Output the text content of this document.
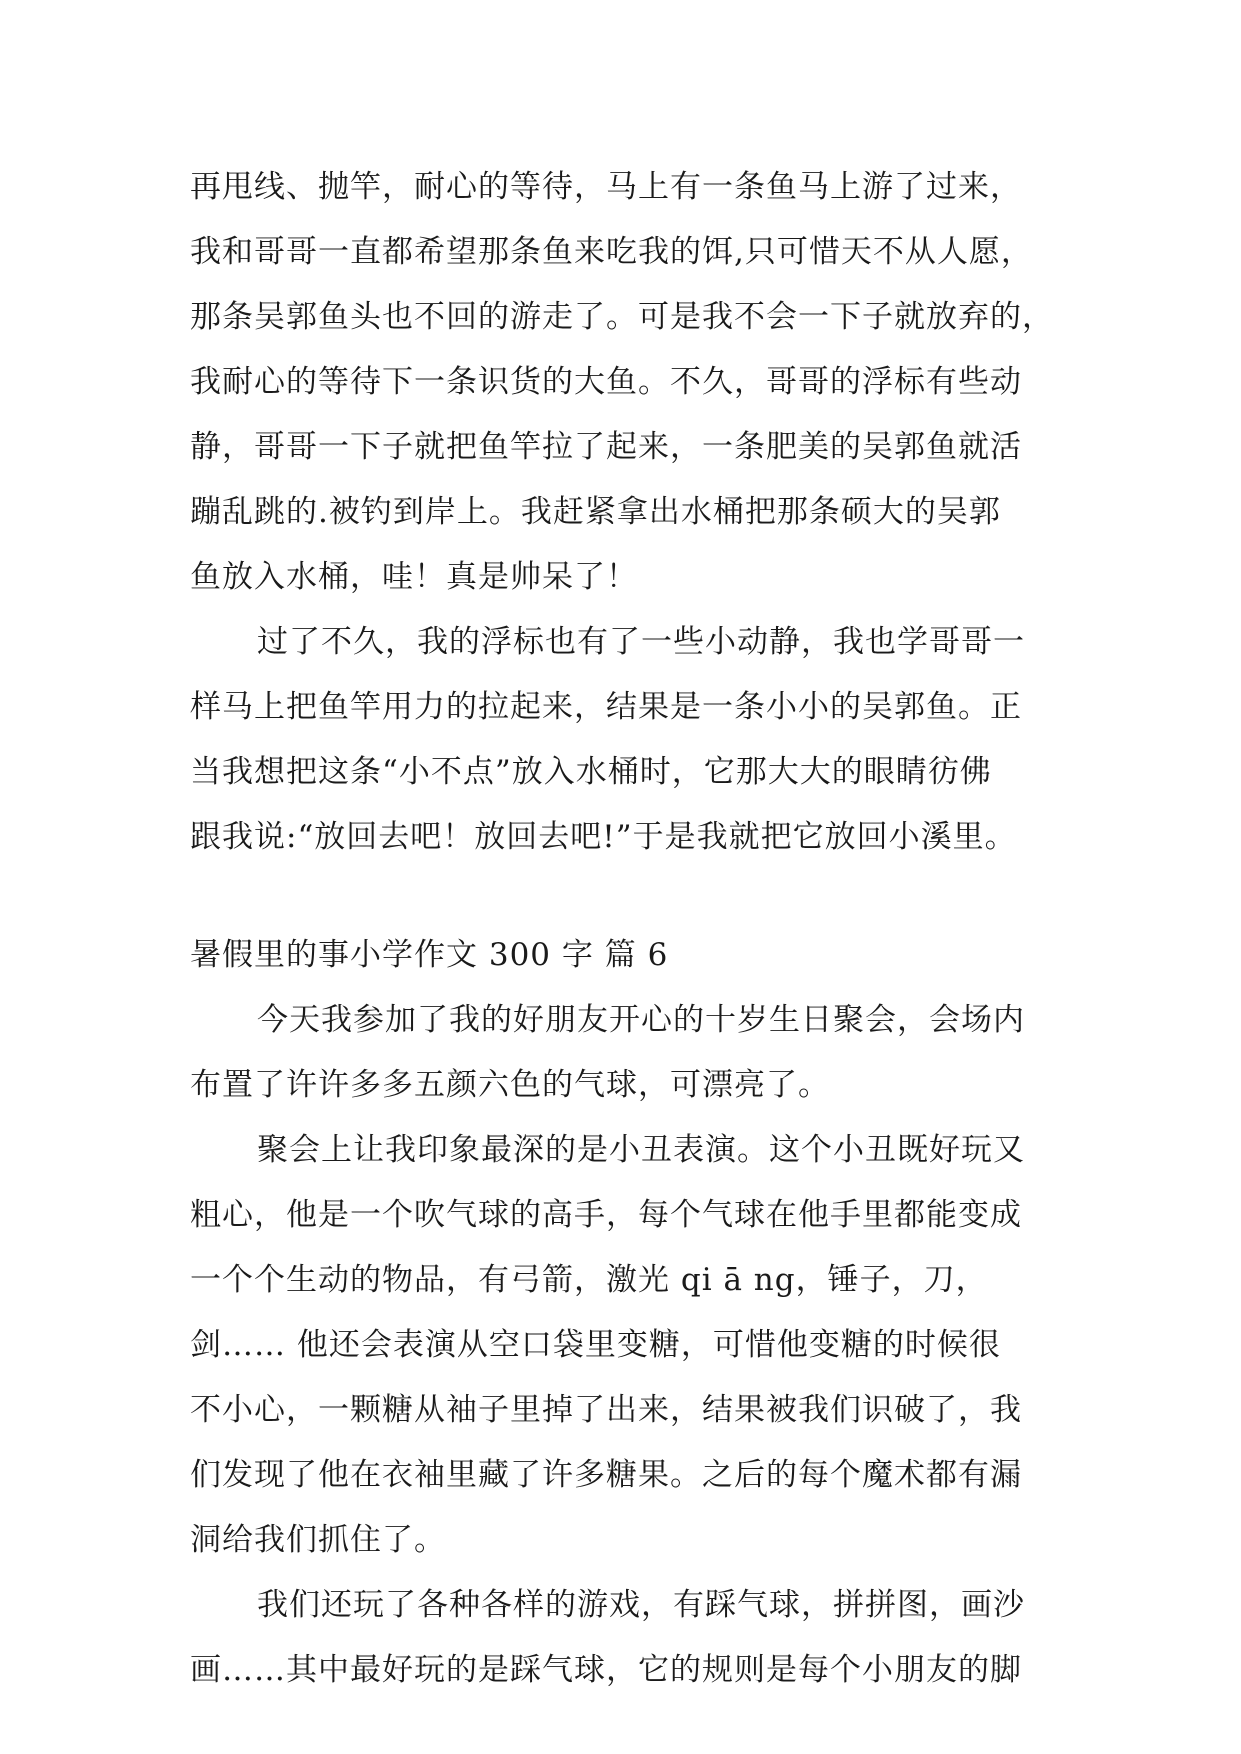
再甩线、抛竿，耐心的等待，马上有一条鱼马上游了过来，
我和哥哥一直都希望那条鱼来吃我的饵,只可惜天不从人愿，
那条吴郭鱼头也不回的游走了。可是我不会一下子就放弃的，
我耐心的等待下一条识货的大鱼。不久，哥哥的浮标有些动
静，哥哥一下子就把鱼竿拉了起来，一条肥美的吴郭鱼就活
蹦乱跳的.被钓到岸上。我赶紧拿出水桶把那条硕大的吴郭
鱼放入水桶，哇！真是帅呆了！
过了不久，我的浮标也有了一些小动静，我也学哥哥一
样马上把鱼竿用力的拉起来，结果是一条小小的吴郭鱼。正
当我想把这条“小不点”放入水桶时，它那大大的眼睛彷佛
跟我说:“放回去吧！放回去吧!”于是我就把它放回小溪里。
暑假里的事小学作文 300 字 篇 6
今天我参加了我的好朋友开心的十岁生日聚会，会场内
布置了许许多多五颜六色的气球，可漂亮了。
聚会上让我印象最深的是小丑表演。这个小丑既好玩又
粗心，他是一个吹气球的高手，每个气球在他手里都能变成
一个个生动的物品，有弓箭，激光 qi ā ng，锤子，刀，
剑…… 他还会表演从空口袋里变糖，可惜他变糖的时候很
不小心，一颗糖从袖子里掉了出来，结果被我们识破了，我
们发现了他在衣袖里藏了许多糖果。之后的每个魔术都有漏
洞给我们抓住了。
我们还玩了各种各样的游戏，有踩气球，拼拼图，画沙
画……其中最好玩的是踩气球，它的规则是每个小朋友的脚
